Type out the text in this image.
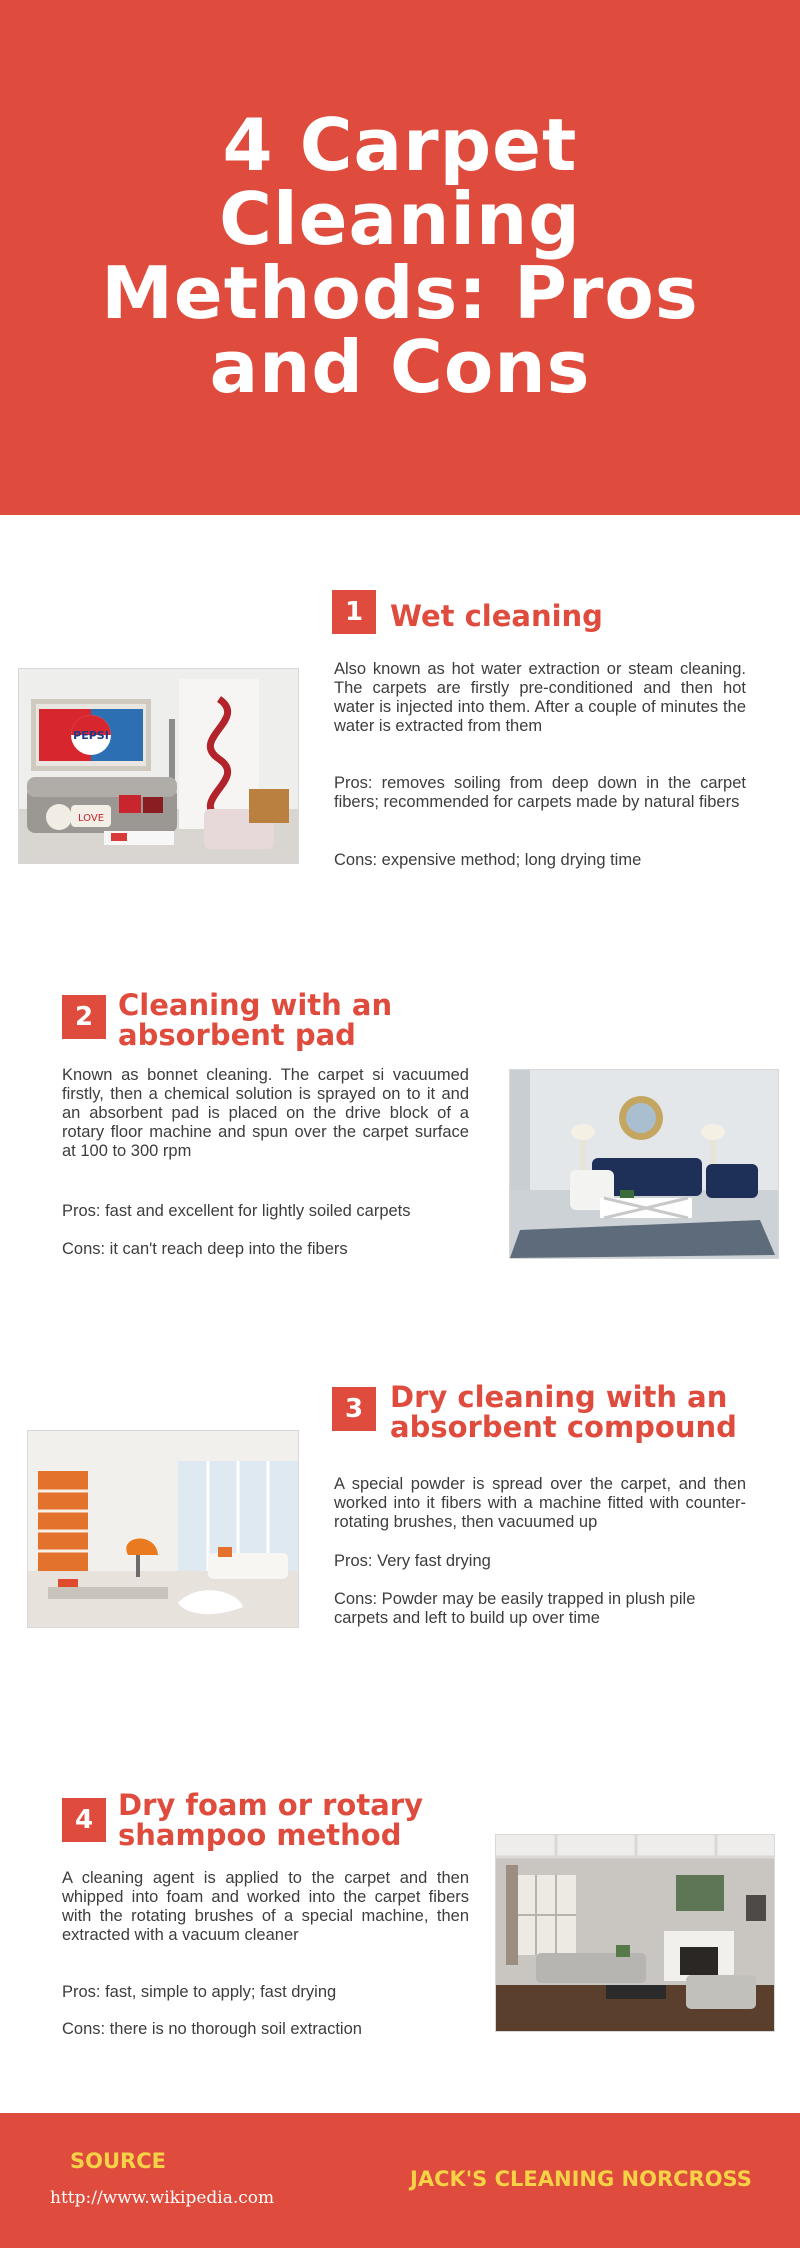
4 Carpet Cleaning Methods: Pros and Cons
1 Wet cleaning
PEPSI
LOVE

Also known as hot water extraction or steam cleaning. The carpets are firstly pre-conditioned and then hot water is injected into them. After a couple of minutes the water is extracted from them

Pros: removes soiling from deep down in the carpet fibers; recommended for carpets made by natural fibers

Cons: expensive method; long drying time

2 Cleaning with an absorbent pad

Known as bonnet cleaning. The carpet si vacuumed firstly, then a chemical solution is sprayed on to it and an absorbent pad is placed on the drive block of a rotary floor machine and spun over the carpet surface at 100 to 300 rpm

Pros: fast and excellent for lightly soiled carpets

Cons: it can't reach deep into the fibers

3 Dry cleaning with an absorbent compound

A special powder is spread over the carpet, and then worked into it fibers with a machine fitted with counter-rotating brushes, then vacuumed up

Pros: Very fast drying

Cons: Powder may be easily trapped in plush pile carpets and left to build up over time

4 Dry foam or rotary shampoo method

A cleaning agent is applied to the carpet and then whipped into foam and worked into the carpet fibers with the rotating brushes of a special machine, then extracted with a vacuum cleaner

Pros: fast, simple to apply; fast drying

Cons: there is no thorough soil extraction

SOURCE
http://www.wikipedia.com
JACK'S CLEANING NORCROSS
